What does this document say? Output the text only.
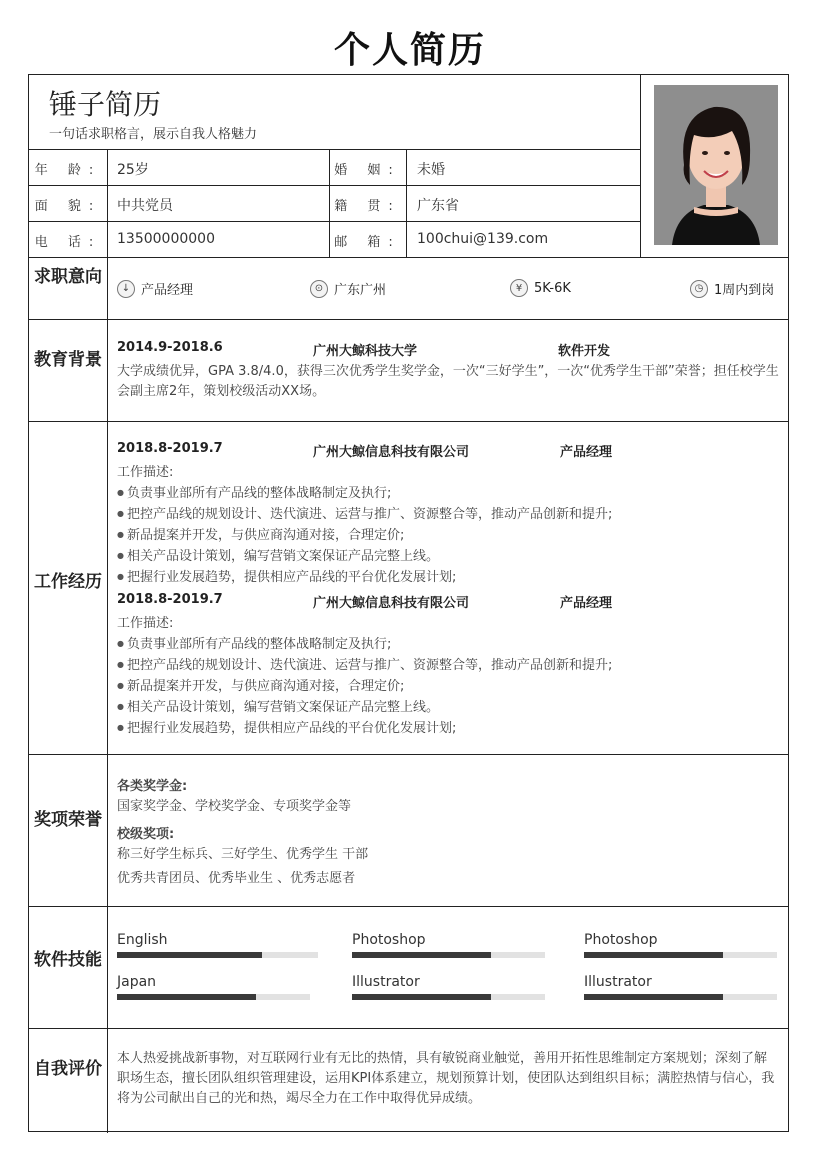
个人简历
锤子简历
一句话求职格言，展示自我人格魅力
年 龄:	25岁	婚 姻:	未婚
面 貌:	中共党员	籍 贯:	广东省
电 话:	13500000000	邮 箱:	100chui@139.com
求职意向
↓ 产品经理	⊙ 广东广州	¥ 5K-6K	◷ 1周内到岗
教育背景
2014.9-2018.6	广州大鲸科技大学	软件开发
大学成绩优异，GPA 3.8/4.0，获得三次优秀学生奖学金，一次“三好学生”，一次“优秀学生干部”荣誉；担任校学生会副主席2年，策划校级活动XX场。
工作经历
2018.8-2019.7	广州大鲸信息科技有限公司	产品经理
工作描述:
● 负责事业部所有产品线的整体战略制定及执行;
● 把控产品线的规划设计、迭代演进、运营与推广、资源整合等，推动产品创新和提升;
● 新品提案并开发，与供应商沟通对接，合理定价;
● 相关产品设计策划，编写营销文案保证产品完整上线。
● 把握行业发展趋势，提供相应产品线的平台优化发展计划;
2018.8-2019.7	广州大鲸信息科技有限公司	产品经理
工作描述:
● 负责事业部所有产品线的整体战略制定及执行;
● 把控产品线的规划设计、迭代演进、运营与推广、资源整合等，推动产品创新和提升;
● 新品提案并开发，与供应商沟通对接，合理定价;
● 相关产品设计策划，编写营销文案保证产品完整上线。
● 把握行业发展趋势，提供相应产品线的平台优化发展计划;
奖项荣誉
各类奖学金:
国家奖学金、学校奖学金、专项奖学金等
校级奖项:
称三好学生标兵、三好学生、优秀学生 干部
优秀共青团员、优秀毕业生 、优秀志愿者
软件技能
English	Photoshop	Photoshop
Japan	Illustrator	Illustrator
自我评价
本人热爱挑战新事物，对互联网行业有无比的热情，具有敏锐商业触觉，善用开拓性思维制定方案规划；深刻了解职场生态，擅长团队组织管理建设，运用KPI体系建立，规划预算计划，使团队达到组织目标；满腔热情与信心，我将为公司献出自己的光和热，竭尽全力在工作中取得优异成绩。
